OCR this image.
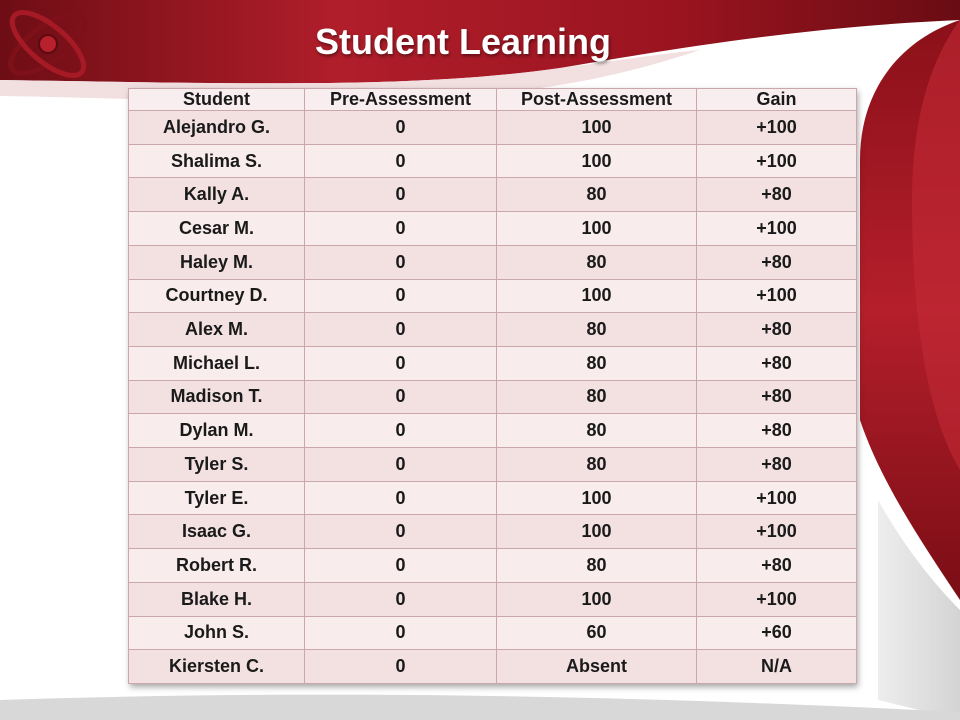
Student Learning
Student	Pre-Assessment	Post-Assessment	Gain
Alejandro G.	0	100	+100
Shalima S.	0	100	+100
Kally A.	0	80	+80
Cesar M.	0	100	+100
Haley M.	0	80	+80
Courtney D.	0	100	+100
Alex M.	0	80	+80
Michael L.	0	80	+80
Madison T.	0	80	+80
Dylan M.	0	80	+80
Tyler S.	0	80	+80
Tyler E.	0	100	+100
Isaac G.	0	100	+100
Robert R.	0	80	+80
Blake H.	0	100	+100
John S.	0	60	+60
Kiersten C.	0	Absent	N/A
